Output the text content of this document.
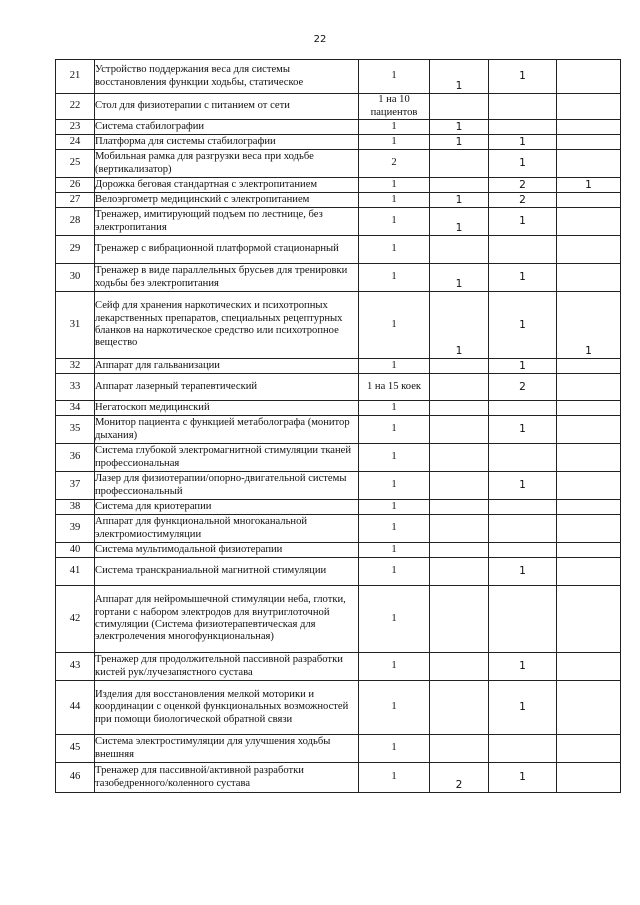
22
21	Устройство поддержания веса для системы восстановления функции ходьбы, статическое	1	1	1	
22	Стол для физиотерапии с питанием от сети	1 на 10 пациентов			
23	Система стабилографии	1	1		
24	Платформа для системы стабилографии	1	1	1	
25	Мобильная рамка для разгрузки веса при ходьбе (вертикализатор)	2		1	
26	Дорожка беговая стандартная с электропитанием	1		2	1
27	Велоэргометр медицинский с электропитанием	1	1	2	
28	Тренажер, имитирующий подъем по лестнице, без электропитания	1	1	1	
29	Тренажер с вибрационной платформой стационарный	1			
30	Тренажер в виде параллельных брусьев для тренировки ходьбы без электропитания	1	1	1	
31	Сейф для хранения наркотических и психотропных лекарственных препаратов, специальных рецептурных бланков на наркотическое средство или психотропное вещество	1	1	1	1
32	Аппарат для гальванизации	1		1	
33	Аппарат лазерный терапевтический	1 на 15 коек		2	
34	Негатоскоп медицинский	1			
35	Монитор пациента с функцией метаболографа (монитор дыхания)	1		1	
36	Система глубокой электромагнитной стимуляции тканей профессиональная	1			
37	Лазер для физиотерапии/опорно-двигательной системы профессиональный	1		1	
38	Система для криотерапии	1			
39	Аппарат для функциональной многоканальной электромиостимуляции	1			
40	Система мультимодальной физиотерапии	1			
41	Система транскраниальной магнитной стимуляции	1		1	
42	Аппарат для нейромышечной стимуляции неба, глотки, гортани с набором электродов для внутриглоточной стимуляции (Система физиотерапевтическая для электролечения многофункциональная)	1			
43	Тренажер для продолжительной пассивной разработки кистей рук/лучезапястного сустава	1		1	
44	Изделия для восстановления мелкой моторики и координации с оценкой функциональных возможностей при помощи биологической обратной связи	1		1	
45	Система электростимуляции для улучшения ходьбы внешняя	1			
46	Тренажер для пассивной/активной разработки тазобедренного/коленного сустава	1	2	1	
